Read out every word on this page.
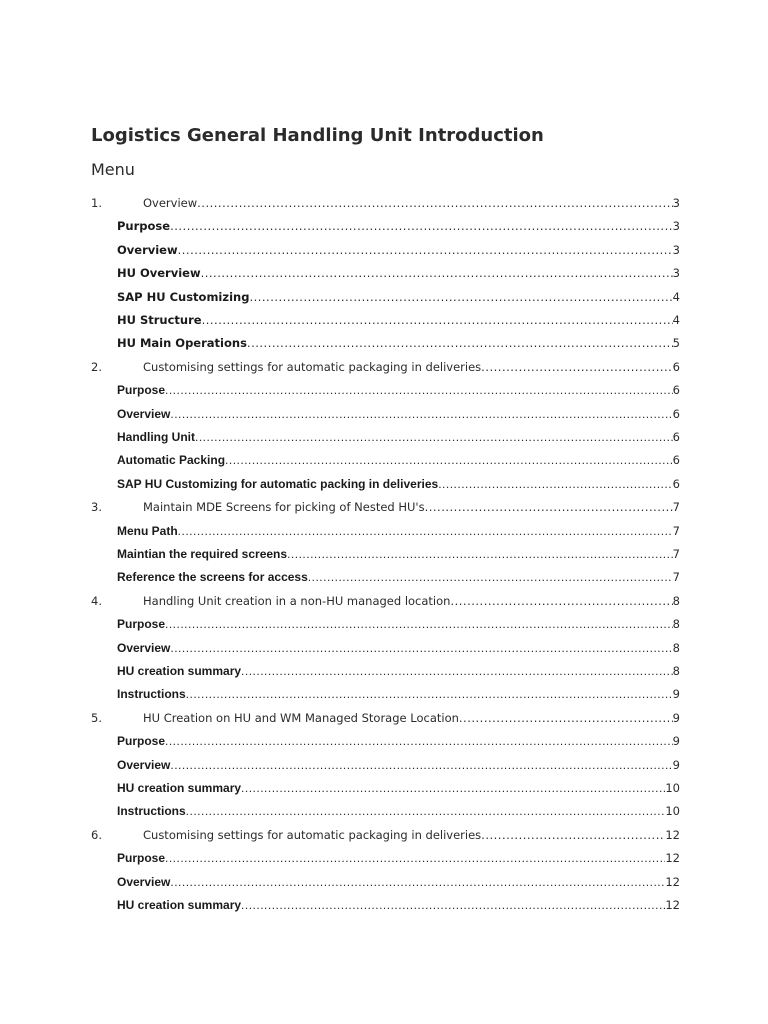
Logistics General Handling Unit Introduction
Menu
1.	Overview .....	3
Purpose .....	3
Overview .....	3
HU Overview .....	3
SAP HU Customizing .....	4
HU Structure .....	4
HU Main Operations .....	5
2.	Customising settings for automatic packaging in deliveries .....	6
Purpose .....	6
Overview .....	6
Handling Unit .....	6
Automatic Packing .....	6
SAP HU Customizing for automatic packing in deliveries .....	6
3.	Maintain MDE Screens for picking of Nested HU's .....	7
Menu Path .....	7
Maintian the required screens .....	7
Reference the screens for access .....	7
4.	Handling Unit creation in a non-HU managed location .....	8
Purpose .....	8
Overview .....	8
HU creation summary .....	8
Instructions .....	9
5.	HU Creation on HU and WM Managed Storage Location .....	9
Purpose .....	9
Overview .....	9
HU creation summary .....	10
Instructions .....	10
6.	Customising settings for automatic packaging in deliveries .....	12
Purpose .....	12
Overview .....	12
HU creation summary .....	12
